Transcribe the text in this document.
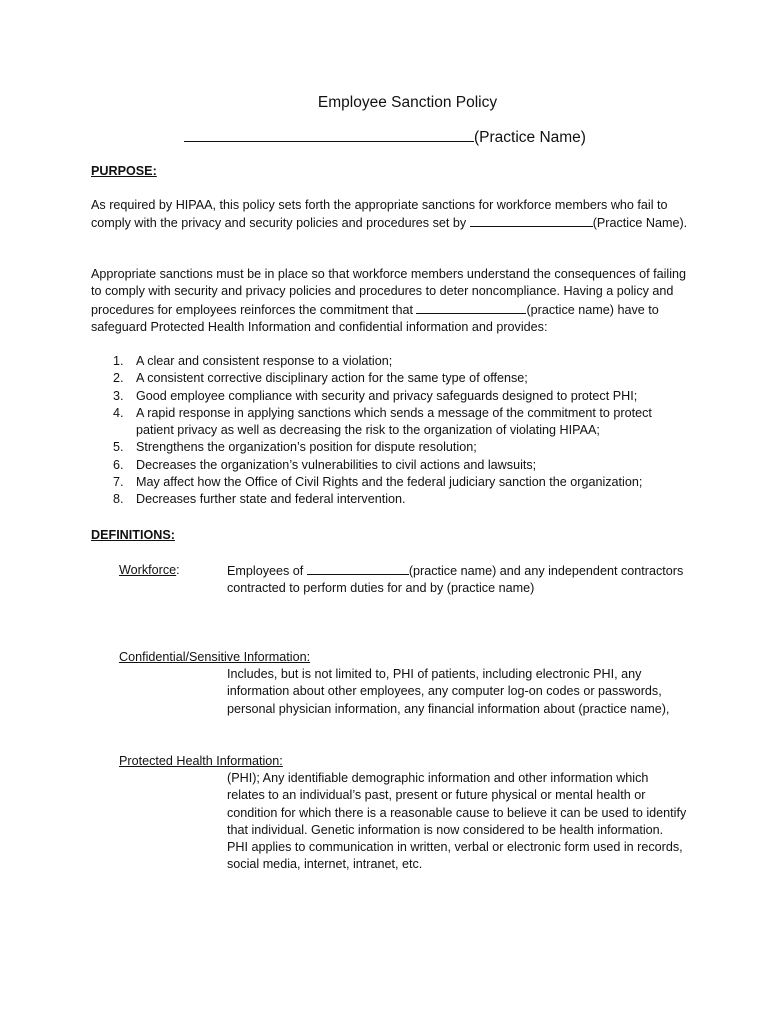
Employee Sanction Policy
(Practice Name)
PURPOSE:
As required by HIPAA, this policy sets forth the appropriate sanctions for workforce members who fail to comply with the privacy and security policies and procedures set by	(Practice Name).
Appropriate sanctions must be in place so that workforce members understand the consequences of failing to comply with security and privacy policies and procedures to deter noncompliance. Having a policy and procedures for employees reinforces the commitment that	(practice name) have to safeguard Protected Health Information and confidential information and provides:
1. A clear and consistent response to a violation;
2. A consistent corrective disciplinary action for the same type of offense;
3. Good employee compliance with security and privacy safeguards designed to protect PHI;
4. A rapid response in applying sanctions which sends a message of the commitment to protect patient privacy as well as decreasing the risk to the organization of violating HIPAA;
5. Strengthens the organization’s position for dispute resolution;
6. Decreases the organization’s vulnerabilities to civil actions and lawsuits;
7. May affect how the Office of Civil Rights and the federal judiciary sanction the organization;
8. Decreases further state and federal intervention.
DEFINITIONS:
Workforce:	Employees of	(practice name) and any independent contractors contracted to perform duties for and by (practice name)
Confidential/Sensitive Information:
Includes, but is not limited to, PHI of patients, including electronic PHI, any information about other employees, any computer log-on codes or passwords, personal physician information, any financial information about (practice name),
Protected Health Information:
(PHI); Any identifiable demographic information and other information which relates to an individual’s past, present or future physical or mental health or condition for which there is a reasonable cause to believe it can be used to identify that individual. Genetic information is now considered to be health information. PHI applies to communication in written, verbal or electronic form used in records, social media, internet, intranet, etc.
